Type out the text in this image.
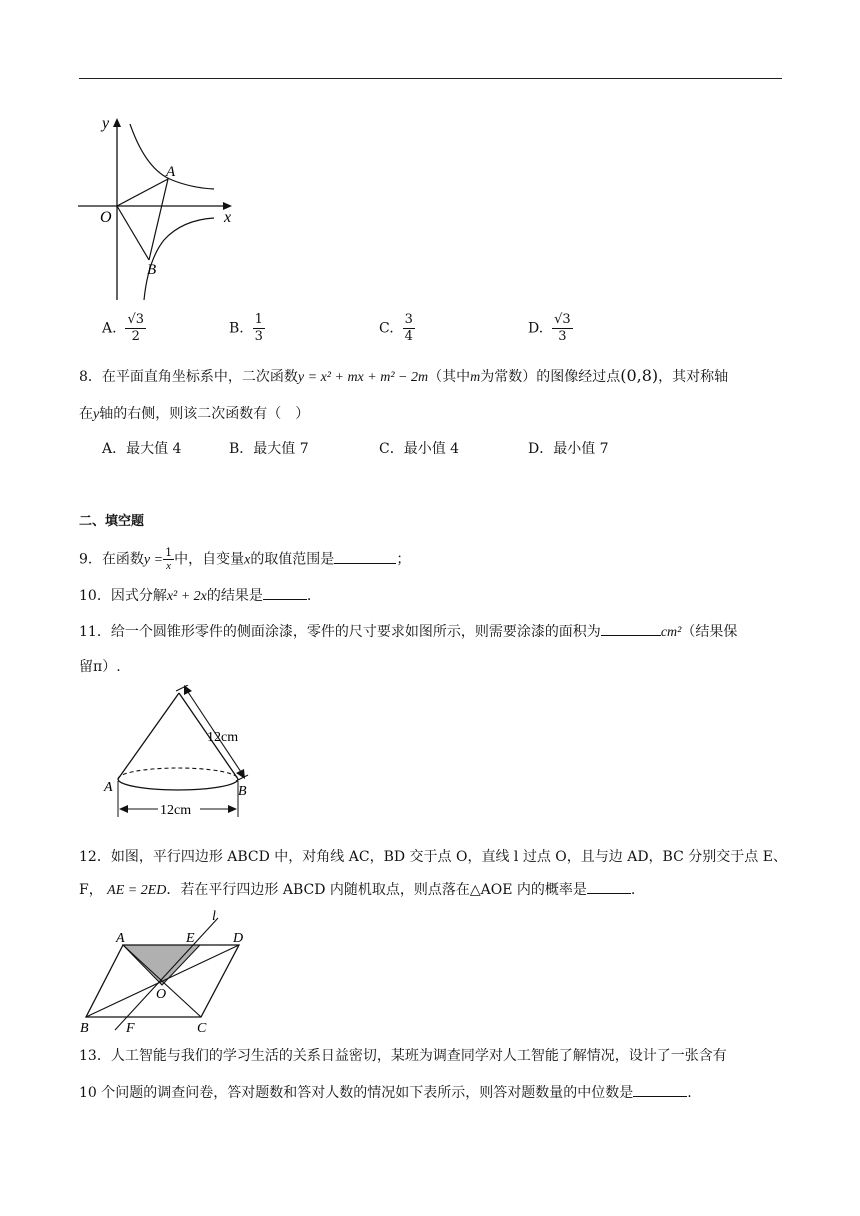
y
x
O
A
B
A. $\frac{√3}{2}$	B. $\frac{1}{3}$	C. $\frac{3}{4}$	D. $\frac{√3}{3}$
8．在平面直角坐标系中，二次函数y = x² + mx + m² − 2m（其中m为常数）的图像经过点(0,8)，其对称轴
在y轴的右侧，则该二次函数有（　）
A．最大值 4	B．最大值 7	C．最小值 4	D．最小值 7
二、填空题
9．在函数$y = \frac{1}{x}$ 中，自变量x的取值范围是	；
10．因式分解x² + 2x的结果是	.
11．给一个圆锥形零件的侧面涂漆，零件的尺寸要求如图所示，则需要涂漆的面积为	cm²（结果保
留π）.
12cm
12cm
A	B
12．如图，平行四边形 ABCD 中，对角线 AC，BD 交于点 O，直线 l 过点 O，且与边 AD，BC 分别交于点 E、
F， AE = 2ED．若在平行四边形 ABCD 内随机取点，则点落在△AOE 内的概率是	.
l
A	E	D
O
B	F	C
13．人工智能与我们的学习生活的关系日益密切，某班为调查同学对人工智能了解情况，设计了一张含有
10 个问题的调查问卷，答对题数和答对人数的情况如下表所示，则答对题数量的中位数是	.
